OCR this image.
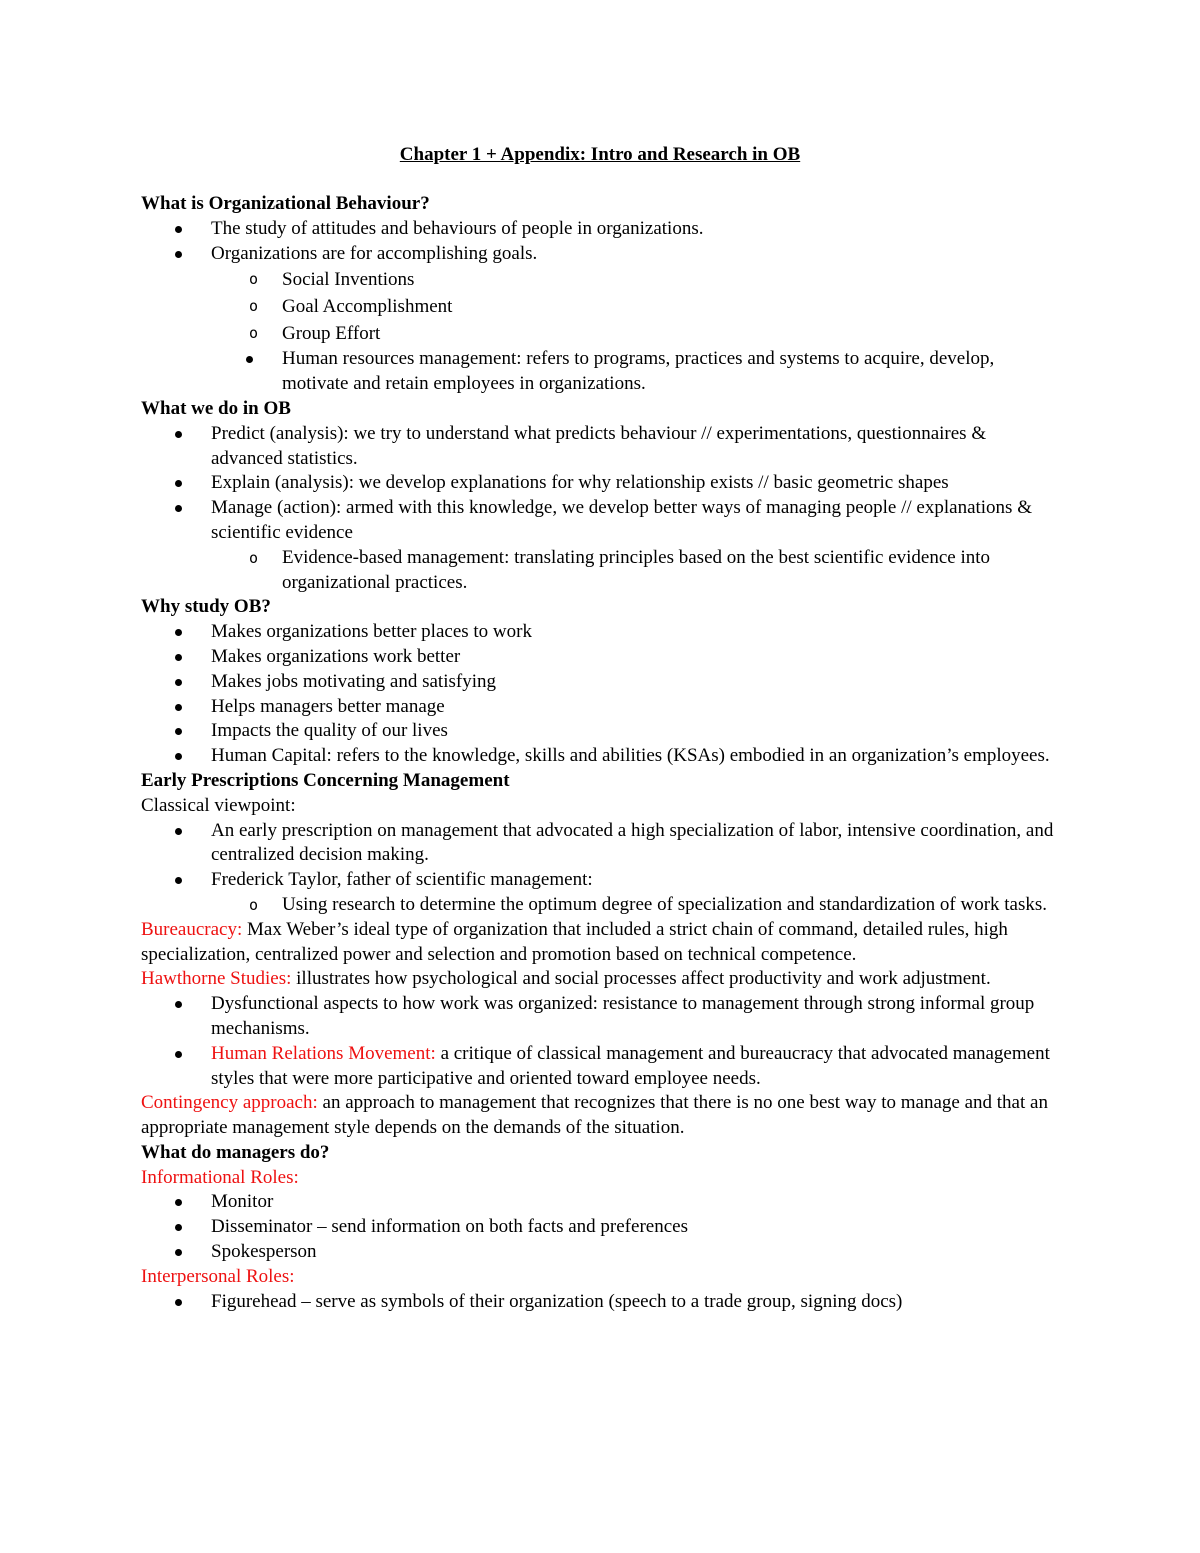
Chapter 1 + Appendix: Intro and Research in OB

What is Organizational Behaviour?

The study of attitudes and behaviours of people in organizations.
Organizations are for accomplishing goals.
o Social Inventions
o Goal Accomplishment
o Group Effort
Human resources management: refers to programs, practices and systems to acquire, develop, motivate and retain employees in organizations.

What we do in OB

Predict (analysis): we try to understand what predicts behaviour // experimentations, questionnaires & advanced statistics.
Explain (analysis): we develop explanations for why relationship exists // basic geometric shapes
Manage (action): armed with this knowledge, we develop better ways of managing people // explanations & scientific evidence
o Evidence-based management: translating principles based on the best scientific evidence into organizational practices.

Why study OB?

Makes organizations better places to work
Makes organizations work better
Makes jobs motivating and satisfying
Helps managers better manage
Impacts the quality of our lives
Human Capital: refers to the knowledge, skills and abilities (KSAs) embodied in an organization’s employees.

Early Prescriptions Concerning Management

Classical viewpoint:

An early prescription on management that advocated a high specialization of labor, intensive coordination, and centralized decision making.
Frederick Taylor, father of scientific management:
o Using research to determine the optimum degree of specialization and standardization of work tasks.

Bureaucracy: Max Weber’s ideal type of organization that included a strict chain of command, detailed rules, high specialization, centralized power and selection and promotion based on technical competence.

Hawthorne Studies: illustrates how psychological and social processes affect productivity and work adjustment.

Dysfunctional aspects to how work was organized: resistance to management through strong informal group mechanisms.
Human Relations Movement: a critique of classical management and bureaucracy that advocated management styles that were more participative and oriented toward employee needs.

Contingency approach: an approach to management that recognizes that there is no one best way to manage and that an appropriate management style depends on the demands of the situation.

What do managers do?

Informational Roles:

Monitor
Disseminator – send information on both facts and preferences
Spokesperson

Interpersonal Roles:

Figurehead – serve as symbols of their organization (speech to a trade group, signing docs)
